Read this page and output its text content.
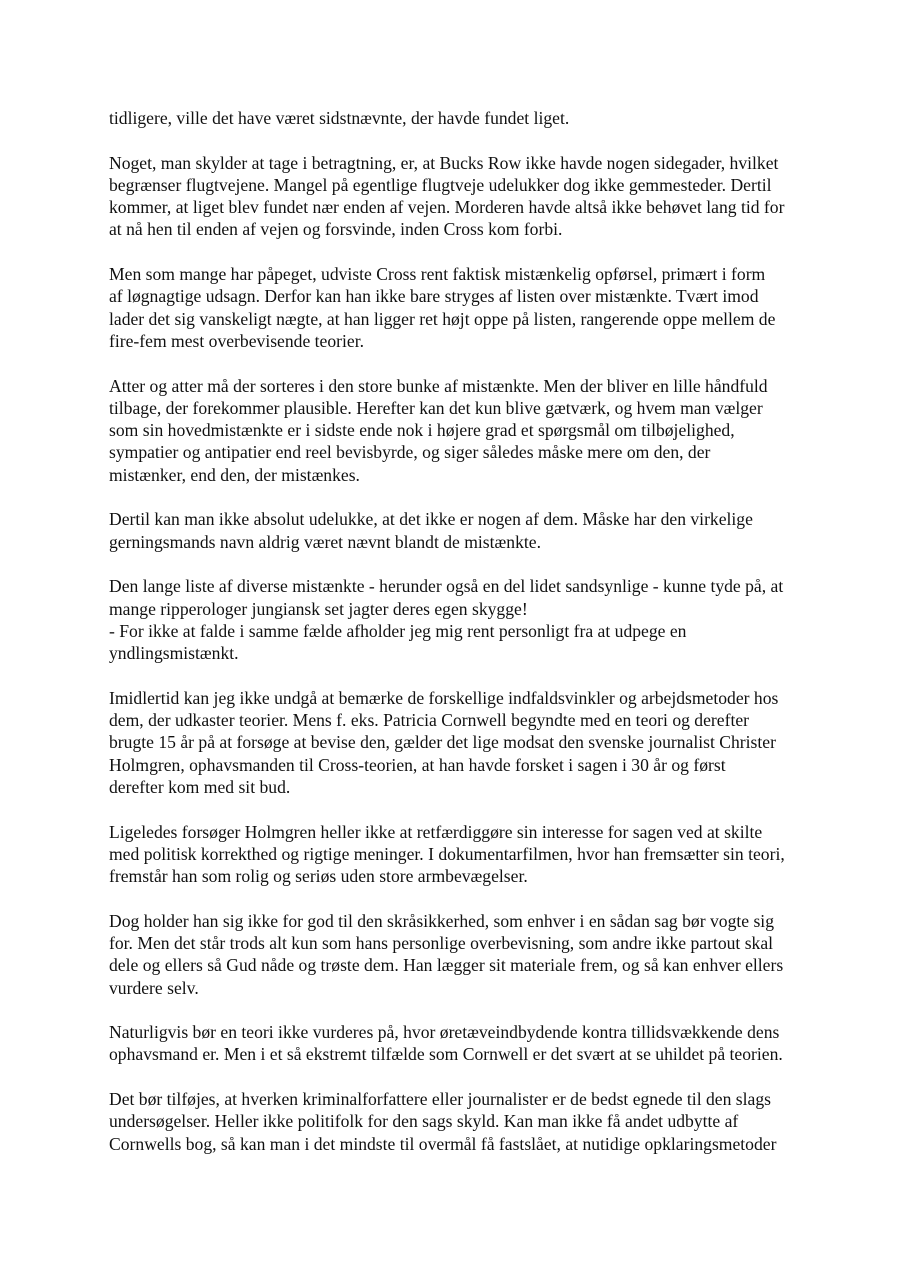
tidligere, ville det have været sidstnævnte, der havde fundet liget.

Noget, man skylder at tage i betragtning, er, at Bucks Row ikke havde nogen sidegader, hvilket
begrænser flugtvejene. Mangel på egentlige flugtveje udelukker dog ikke gemmesteder. Dertil
kommer, at liget blev fundet nær enden af vejen. Morderen havde altså ikke behøvet lang tid for
at nå hen til enden af vejen og forsvinde, inden Cross kom forbi.

Men som mange har påpeget, udviste Cross rent faktisk mistænkelig opførsel, primært i form
af løgnagtige udsagn. Derfor kan han ikke bare stryges af listen over mistænkte. Tvært imod
lader det sig vanskeligt nægte, at han ligger ret højt oppe på listen, rangerende oppe mellem de
fire-fem mest overbevisende teorier.

Atter og atter må der sorteres i den store bunke af mistænkte. Men der bliver en lille håndfuld
tilbage, der forekommer plausible. Herefter kan det kun blive gætværk, og hvem man vælger
som sin hovedmistænkte er i sidste ende nok i højere grad et spørgsmål om tilbøjelighed,
sympatier og antipatier end reel bevisbyrde, og siger således måske mere om den, der
mistænker, end den, der mistænkes.

Dertil kan man ikke absolut udelukke, at det ikke er nogen af dem. Måske har den virkelige
gerningsmands navn aldrig været nævnt blandt de mistænkte.

Den lange liste af diverse mistænkte - herunder også en del lidet sandsynlige - kunne tyde på, at
mange ripperologer jungiansk set jagter deres egen skygge!
- For ikke at falde i samme fælde afholder jeg mig rent personligt fra at udpege en
yndlingsmistænkt.

Imidlertid kan jeg ikke undgå at bemærke de forskellige indfaldsvinkler og arbejdsmetoder hos
dem, der udkaster teorier. Mens f. eks. Patricia Cornwell begyndte med en teori og derefter
brugte 15 år på at forsøge at bevise den, gælder det lige modsat den svenske journalist Christer
Holmgren, ophavsmanden til Cross-teorien, at han havde forsket i sagen i 30 år og først
derefter kom med sit bud.

Ligeledes forsøger Holmgren heller ikke at retfærdiggøre sin interesse for sagen ved at skilte
med politisk korrekthed og rigtige meninger. I dokumentarfilmen, hvor han fremsætter sin teori,
fremstår han som rolig og seriøs uden store armbevægelser.

Dog holder han sig ikke for god til den skråsikkerhed, som enhver i en sådan sag bør vogte sig
for. Men det står trods alt kun som hans personlige overbevisning, som andre ikke partout skal
dele og ellers så Gud nåde og trøste dem. Han lægger sit materiale frem, og så kan enhver ellers
vurdere selv.

Naturligvis bør en teori ikke vurderes på, hvor øretæveindbydende kontra tillidsvækkende dens
ophavsmand er. Men i et så ekstremt tilfælde som Cornwell er det svært at se uhildet på teorien.

Det bør tilføjes, at hverken kriminalforfattere eller journalister er de bedst egnede til den slags
undersøgelser. Heller ikke politifolk for den sags skyld. Kan man ikke få andet udbytte af
Cornwells bog, så kan man i det mindste til overmål få fastslået, at nutidige opklaringsmetoder
